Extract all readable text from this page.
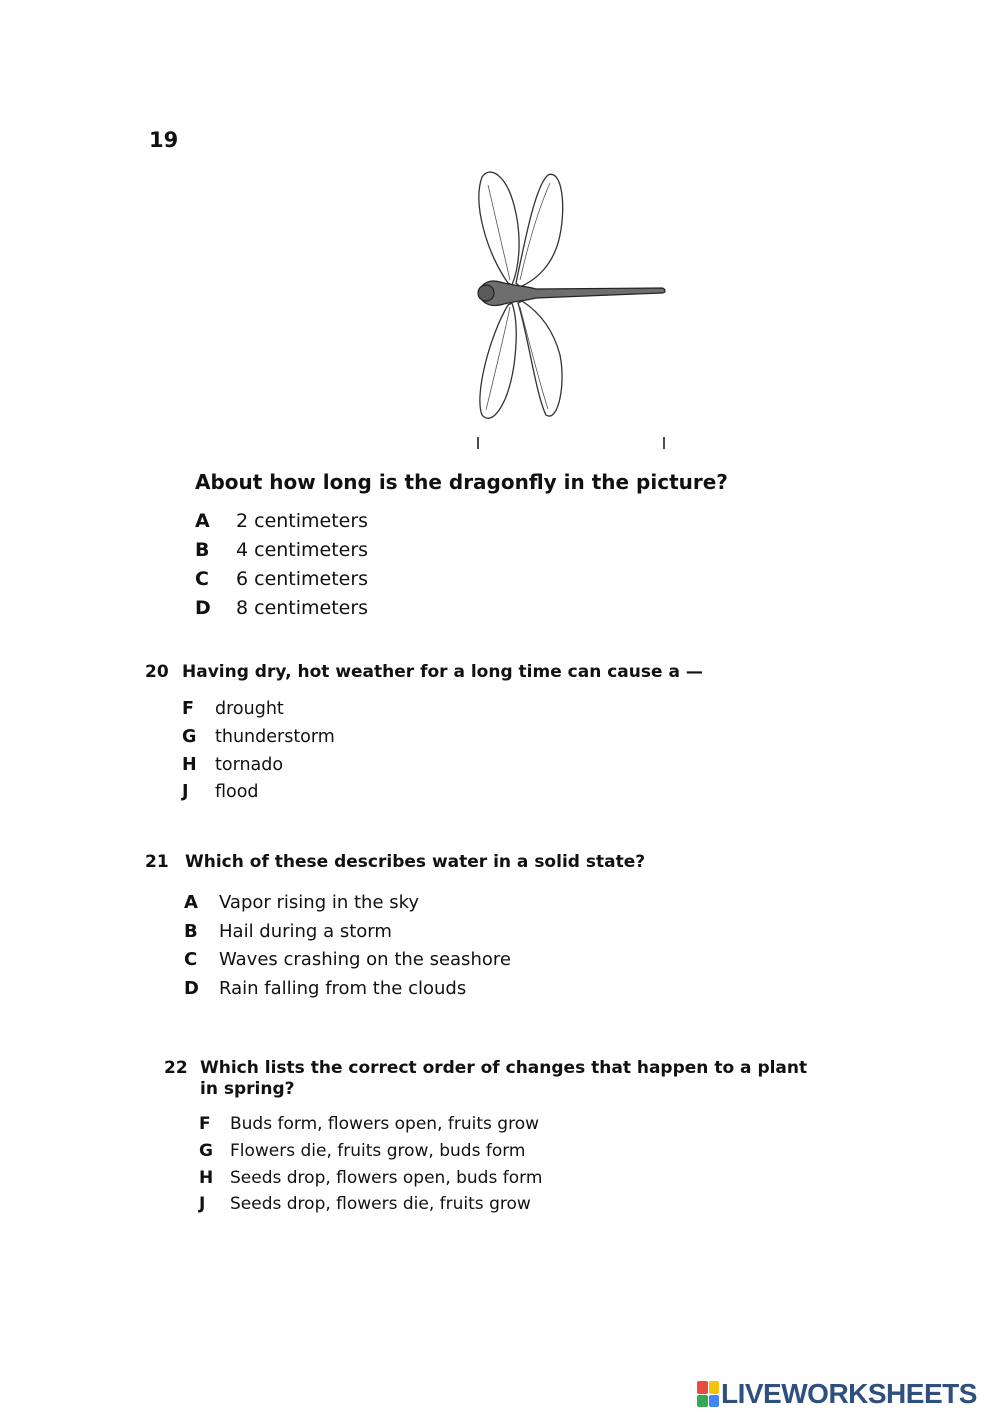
19
About how long is the dragonfly in the picture?
A 2 centimeters
B 4 centimeters
C 6 centimeters
D 8 centimeters
20 Having dry, hot weather for a long time can cause a —
F drought
G thunderstorm
H tornado
J flood
21 Which of these describes water in a solid state?
A Vapor rising in the sky
B Hail during a storm
C Waves crashing on the seashore
D Rain falling from the clouds
22 Which lists the correct order of changes that happen to a plant
in spring?
F Buds form, flowers open, fruits grow
G Flowers die, fruits grow, buds form
H Seeds drop, flowers open, buds form
J Seeds drop, flowers die, fruits grow
LIVEWORKSHEETS
